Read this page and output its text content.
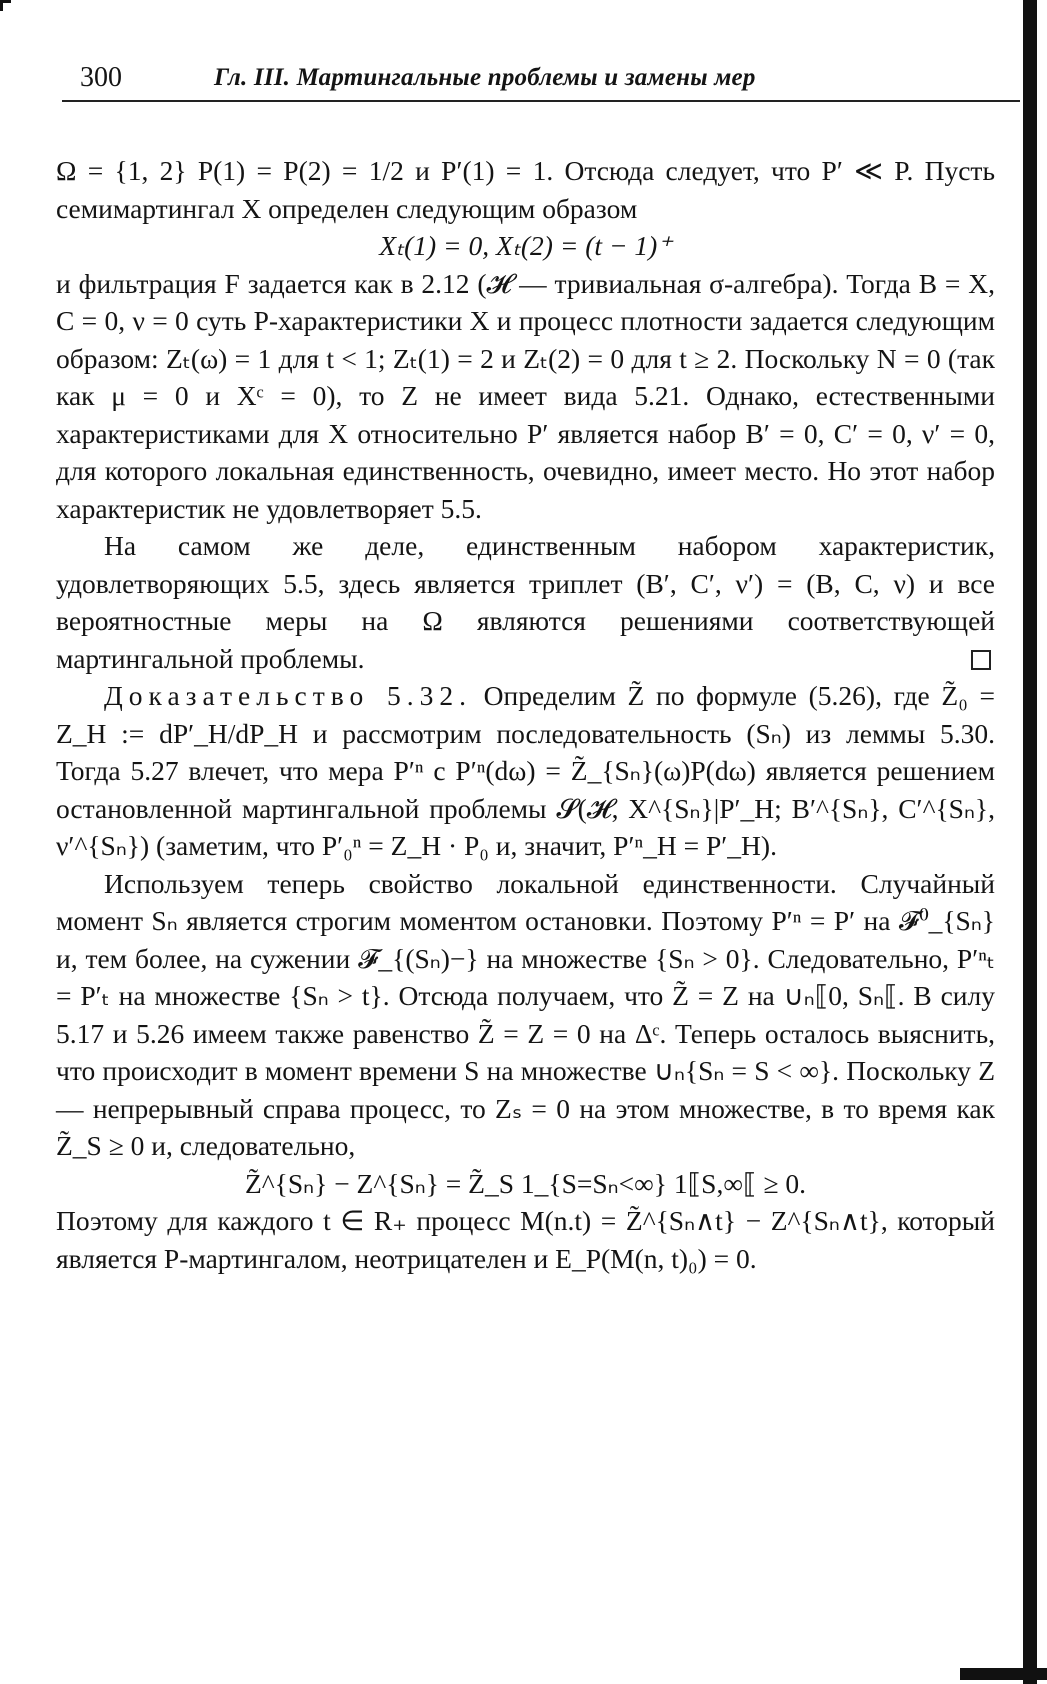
300	Гл. III. Мартингальные проблемы и замены мер

Ω = {1, 2} P(1) = P(2) = 1/2 и P′(1) = 1. Отсюда следует, что P′ ≪ P. Пусть семимартингал X определен следующим образом

Xₜ(1) = 0, Xₜ(2) = (t − 1)⁺

и фильтрация F задается как в 2.12 (𝓗 — тривиальная σ-алгебра). Тогда B = X, C = 0, ν = 0 суть P-характеристики X и процесс плотности задается следующим образом: Zₜ(ω) = 1 для t < 1; Zₜ(1) = 2 и Zₜ(2) = 0 для t ≥ 2. Поскольку N = 0 (так как μ = 0 и Xᶜ = 0), то Z не имеет вида 5.21. Однако, естественными характеристиками для X относительно P′ является набор B′ = 0, C′ = 0, ν′ = 0, для которого локальная единственность, очевидно, имеет место. Но этот набор характеристик не удовлетворяет 5.5.

На самом же деле, единственным набором характеристик, удовлетворяющих 5.5, здесь является триплет (B′, C′, ν′) = (B, C, ν) и все вероятностные меры на Ω являются решениями соответствующей мартингальной проблемы.

Доказательство 5.32. Определим Z̃ по формуле (5.26), где Z̃₀ = Z_H := dP′_H/dP_H и рассмотрим последовательность (Sₙ) из леммы 5.30. Тогда 5.27 влечет, что мера P′ⁿ с P′ⁿ(dω) = Z̃_{Sₙ}(ω)P(dω) является решением остановленной мартингальной проблемы 𝓢(𝓗, X^{Sₙ}|P′_H; B′^{Sₙ}, C′^{Sₙ}, ν′^{Sₙ}) (заметим, что P′₀ⁿ = Z_H · P₀ и, значит, P′ⁿ_H = P′_H).

Используем теперь свойство локальной единственности. Случайный момент Sₙ является строгим моментом остановки. Поэтому P′ⁿ = P′ на 𝓕⁰_{Sₙ} и, тем более, на сужении 𝓕_{(Sₙ)−} на множестве {Sₙ > 0}. Следовательно, P′ⁿₜ = P′ₜ на множестве {Sₙ > t}. Отсюда получаем, что Z̃ = Z на ∪ₙ⟦0, Sₙ⟦. В силу 5.17 и 5.26 имеем также равенство Z̃ = Z = 0 на Δᶜ. Теперь осталось выяснить, что происходит в момент времени S на множестве ∪ₙ{Sₙ = S < ∞}. Поскольку Z — непрерывный справа процесс, то Zₛ = 0 на этом множестве, в то время как Z̃_S ≥ 0 и, следовательно,

Z̃^{Sₙ} − Z^{Sₙ} = Z̃_S 1_{S=Sₙ<∞} 1⟦S,∞⟦ ≥ 0.

Поэтому для каждого t ∈ R₊ процесс M(n.t) = Z̃^{Sₙ∧t} − Z^{Sₙ∧t}, который является P-мартингалом, неотрицателен и E_P(M(n, t)₀) = 0.
